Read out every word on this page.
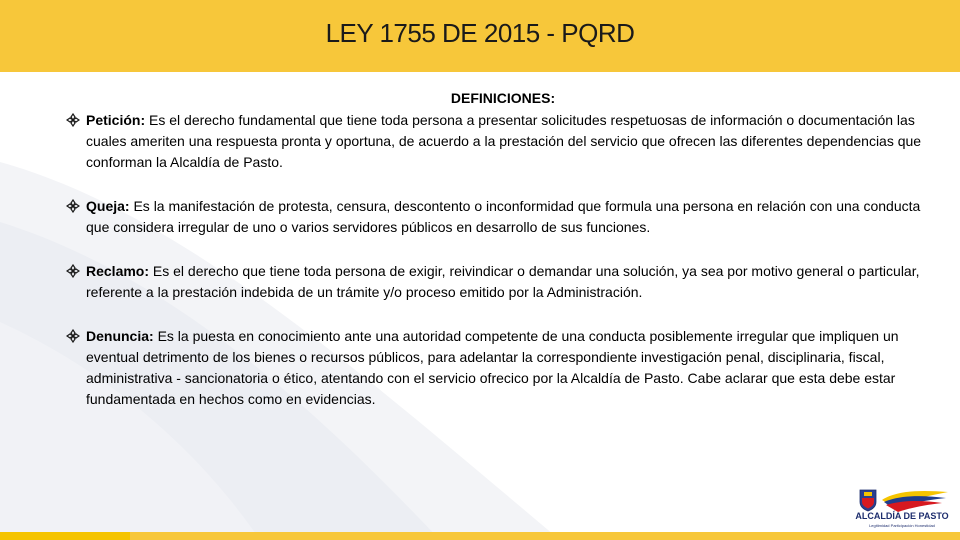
LEY 1755 DE 2015 - PQRD
DEFINICIONES:
Petición: Es el derecho fundamental que tiene toda persona a presentar solicitudes respetuosas de información o documentación las cuales ameriten una respuesta pronta y oportuna, de acuerdo a la prestación del servicio que ofrecen las diferentes dependencias que conforman la Alcaldía de Pasto.
Queja: Es la manifestación de protesta, censura, descontento o inconformidad que formula una persona en relación con una conducta que considera irregular de uno o varios servidores públicos en desarrollo de sus funciones.
Reclamo: Es el derecho que tiene toda persona de exigir, reivindicar o demandar una solución, ya sea por motivo general o particular, referente a la prestación indebida de un trámite y/o proceso emitido por la Administración.
Denuncia: Es la puesta en conocimiento ante una autoridad competente de una conducta posiblemente irregular que impliquen un eventual detrimento de los bienes o recursos públicos, para adelantar la correspondiente investigación penal, disciplinaria, fiscal, administrativa - sancionatoria o ético, atentando con el servicio ofrecico por la Alcaldía de Pasto. Cabe aclarar que esta debe estar fundamentada en hechos como en evidencias.
ALCALDÍA DE PASTO
Legitimidad Participación Honestidad
